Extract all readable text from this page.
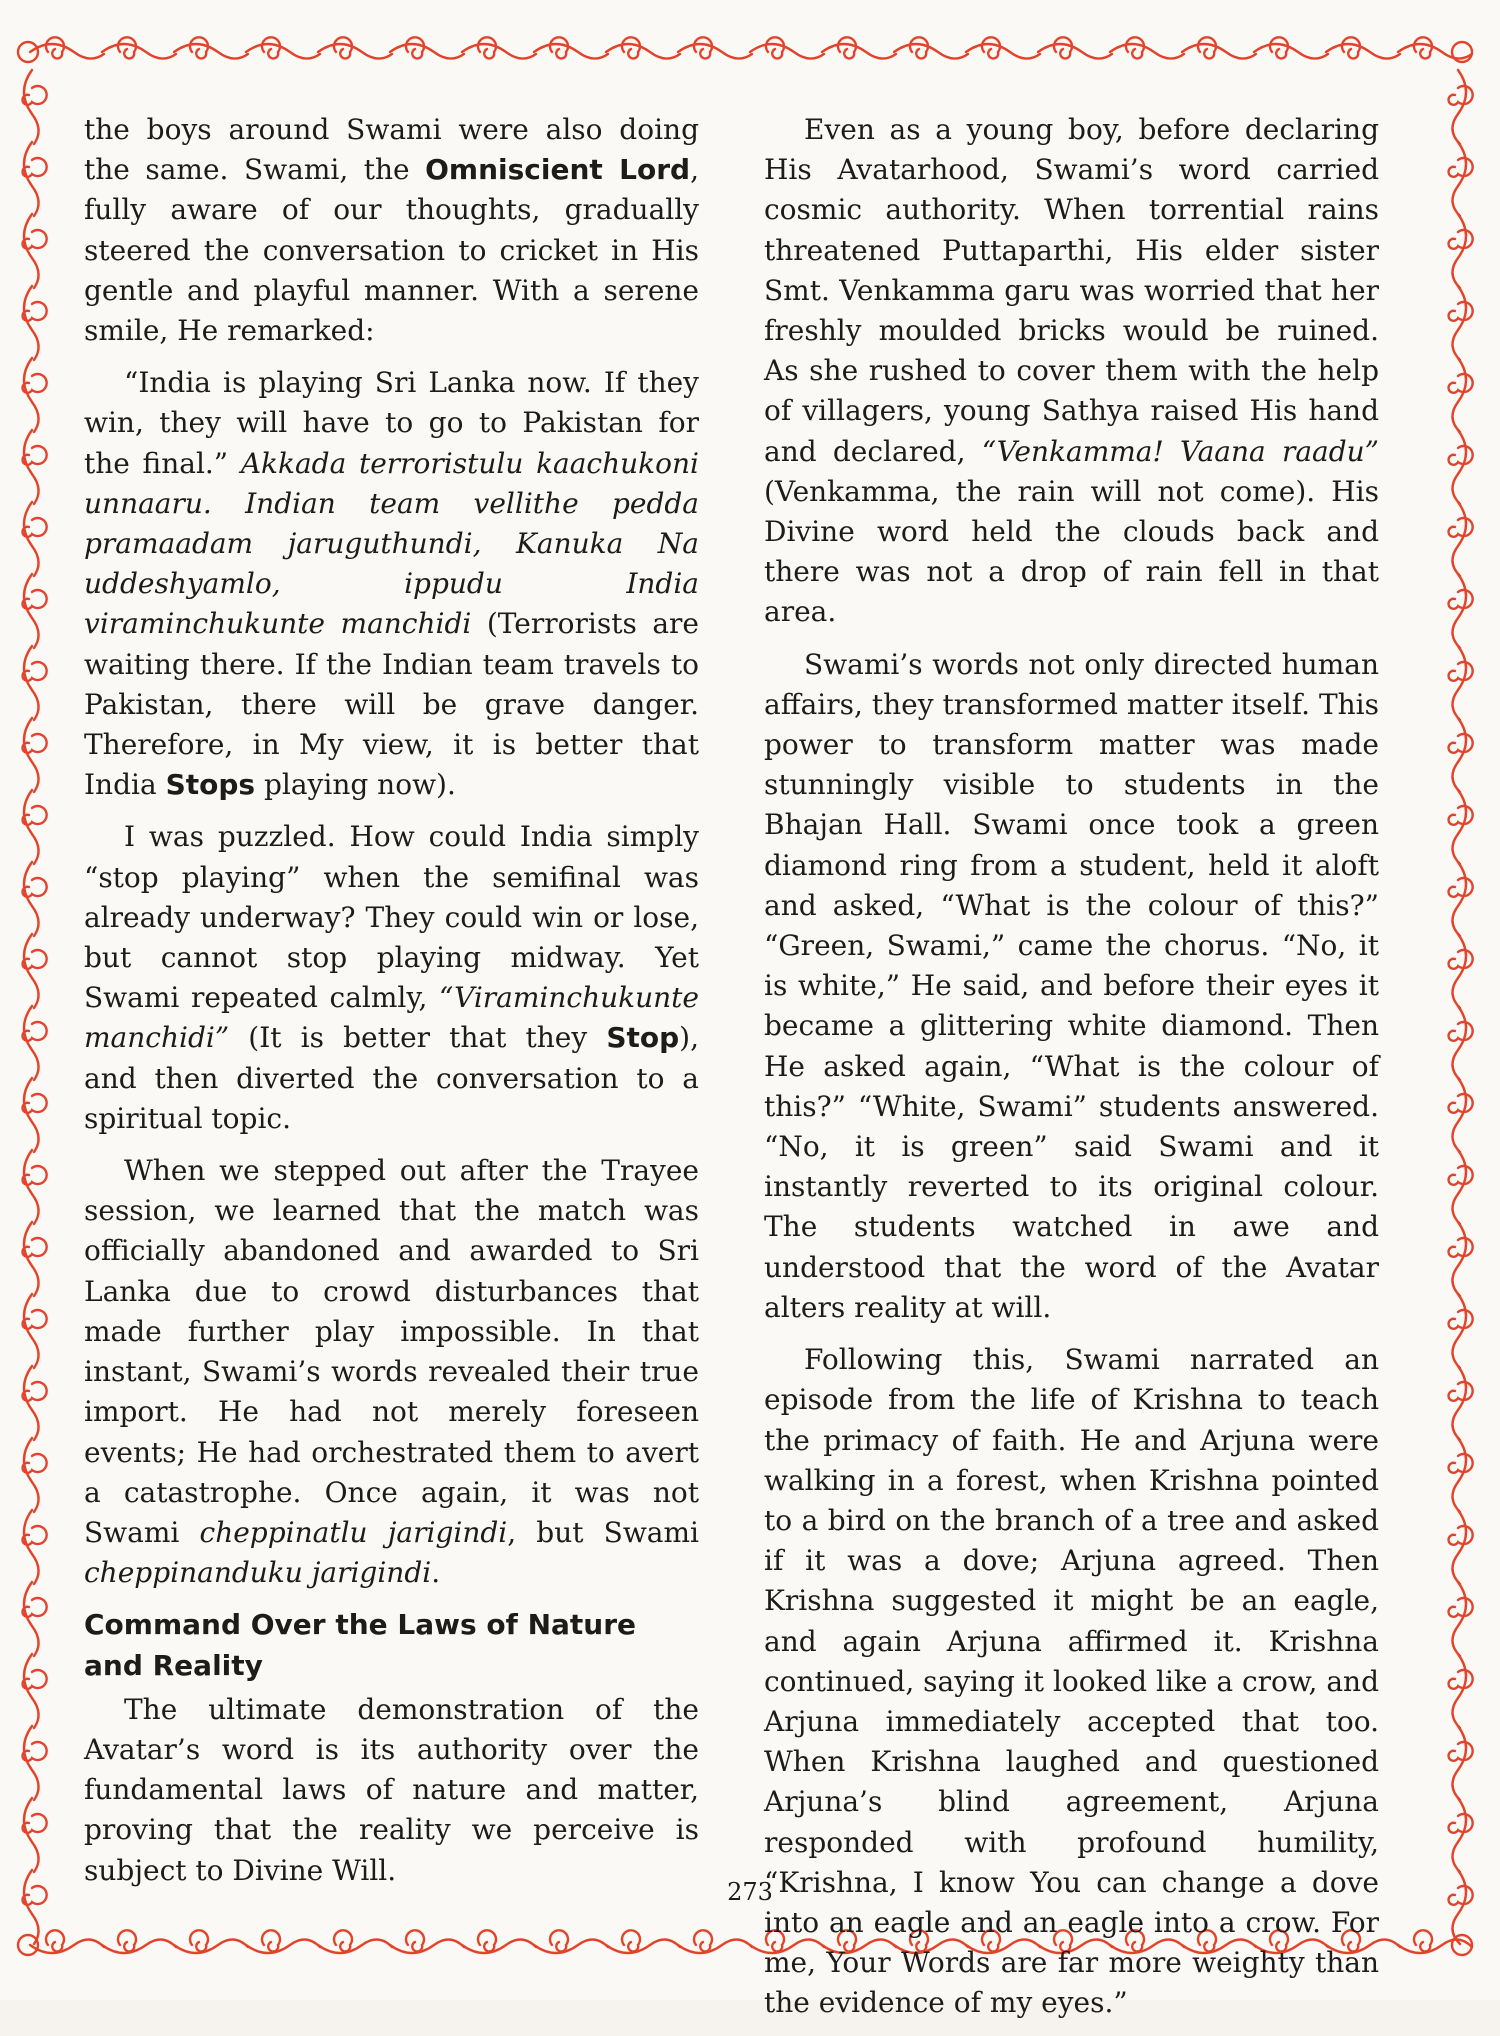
the boys around Swami were also doing the same. Swami, the Omniscient Lord, fully aware of our thoughts, gradually steered the conversation to cricket in His gentle and playful manner. With a serene smile, He remarked:

“India is playing Sri Lanka now. If they win, they will have to go to Pakistan for the final.” Akkada terroristulu kaachukoni unnaaru. Indian team vellithe pedda pramaadam jaruguthundi, Kanuka Na uddeshyamlo, ippudu India viraminchukunte manchidi (Terrorists are waiting there. If the Indian team travels to Pakistan, there will be grave danger. Therefore, in My view, it is better that India Stops playing now).

I was puzzled. How could India simply “stop playing” when the semifinal was already underway? They could win or lose, but cannot stop playing midway. Yet Swami repeated calmly, “Viraminchukunte manchidi” (It is better that they Stop), and then diverted the conversation to a spiritual topic.

When we stepped out after the Trayee session, we learned that the match was officially abandoned and awarded to Sri Lanka due to crowd disturbances that made further play impossible. In that instant, Swami’s words revealed their true import. He had not merely foreseen events; He had orchestrated them to avert a catastrophe. Once again, it was not Swami cheppinatlu jarigindi, but Swami cheppinanduku jarigindi.

Command Over the Laws of Nature and Reality

The ultimate demonstration of the Avatar’s word is its authority over the fundamental laws of nature and matter, proving that the reality we perceive is subject to Divine Will.

Even as a young boy, before declaring His Avatarhood, Swami’s word carried cosmic authority. When torrential rains threatened Puttaparthi, His elder sister Smt. Venkamma garu was worried that her freshly moulded bricks would be ruined. As she rushed to cover them with the help of villagers, young Sathya raised His hand and declared, “Venkamma! Vaana raadu” (Venkamma, the rain will not come). His Divine word held the clouds back and there was not a drop of rain fell in that area.

Swami’s words not only directed human affairs, they transformed matter itself. This power to transform matter was made stunningly visible to students in the Bhajan Hall. Swami once took a green diamond ring from a student, held it aloft and asked, “What is the colour of this?” “Green, Swami,” came the chorus. “No, it is white,” He said, and before their eyes it became a glittering white diamond. Then He asked again, “What is the colour of this?” “White, Swami” students answered. “No, it is green” said Swami and it instantly reverted to its original colour. The students watched in awe and understood that the word of the Avatar alters reality at will.

Following this, Swami narrated an episode from the life of Krishna to teach the primacy of faith. He and Arjuna were walking in a forest, when Krishna pointed to a bird on the branch of a tree and asked if it was a dove; Arjuna agreed. Then Krishna suggested it might be an eagle, and again Arjuna affirmed it. Krishna continued, saying it looked like a crow, and Arjuna immediately accepted that too. When Krishna laughed and questioned Arjuna’s blind agreement, Arjuna responded with profound humility, “Krishna, I know You can change a dove into an eagle and an eagle into a crow. For me, Your Words are far more weighty than the evidence of my eyes.”

273
